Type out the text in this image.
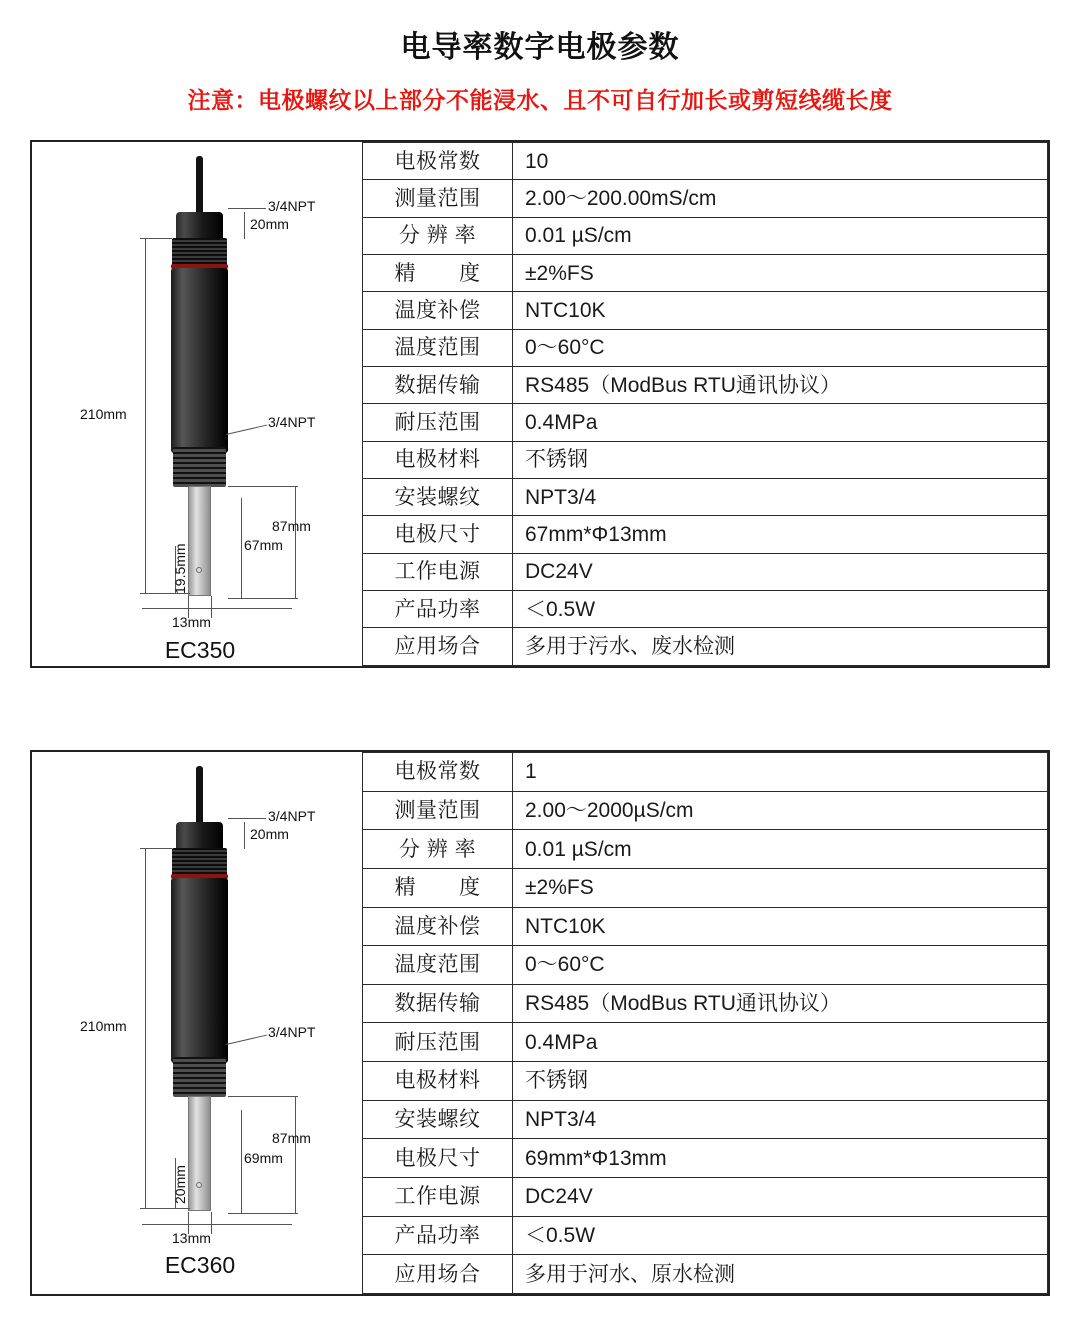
电导率数字电极参数
注意：电极螺纹以上部分不能浸水、且不可自行加长或剪短线缆长度
3/4NPT
20mm
210mm	3/4NPT
87mm
67mm
19.5mm
13mm
EC350
电极常数	10
测量范围	2.00～200.00mS/cm
分 辨 率	0.01 µS/cm
精　　度	±2%FS
温度补偿	NTC10K
温度范围	0～60°C
数据传输	RS485（ModBus RTU通讯协议）
耐压范围	0.4MPa
电极材料	不锈钢
安装螺纹	NPT3/4
电极尺寸	67mm*Φ13mm
工作电源	DC24V
产品功率	＜0.5W
应用场合	多用于污水、废水检测
3/4NPT
20mm
210mm	3/4NPT
87mm
69mm
20mm
13mm
EC360
电极常数	1
测量范围	2.00～2000µS/cm
分 辨 率	0.01 µS/cm
精　　度	±2%FS
温度补偿	NTC10K
温度范围	0～60°C
数据传输	RS485（ModBus RTU通讯协议）
耐压范围	0.4MPa
电极材料	不锈钢
安装螺纹	NPT3/4
电极尺寸	69mm*Φ13mm
工作电源	DC24V
产品功率	＜0.5W
应用场合	多用于河水、原水检测
